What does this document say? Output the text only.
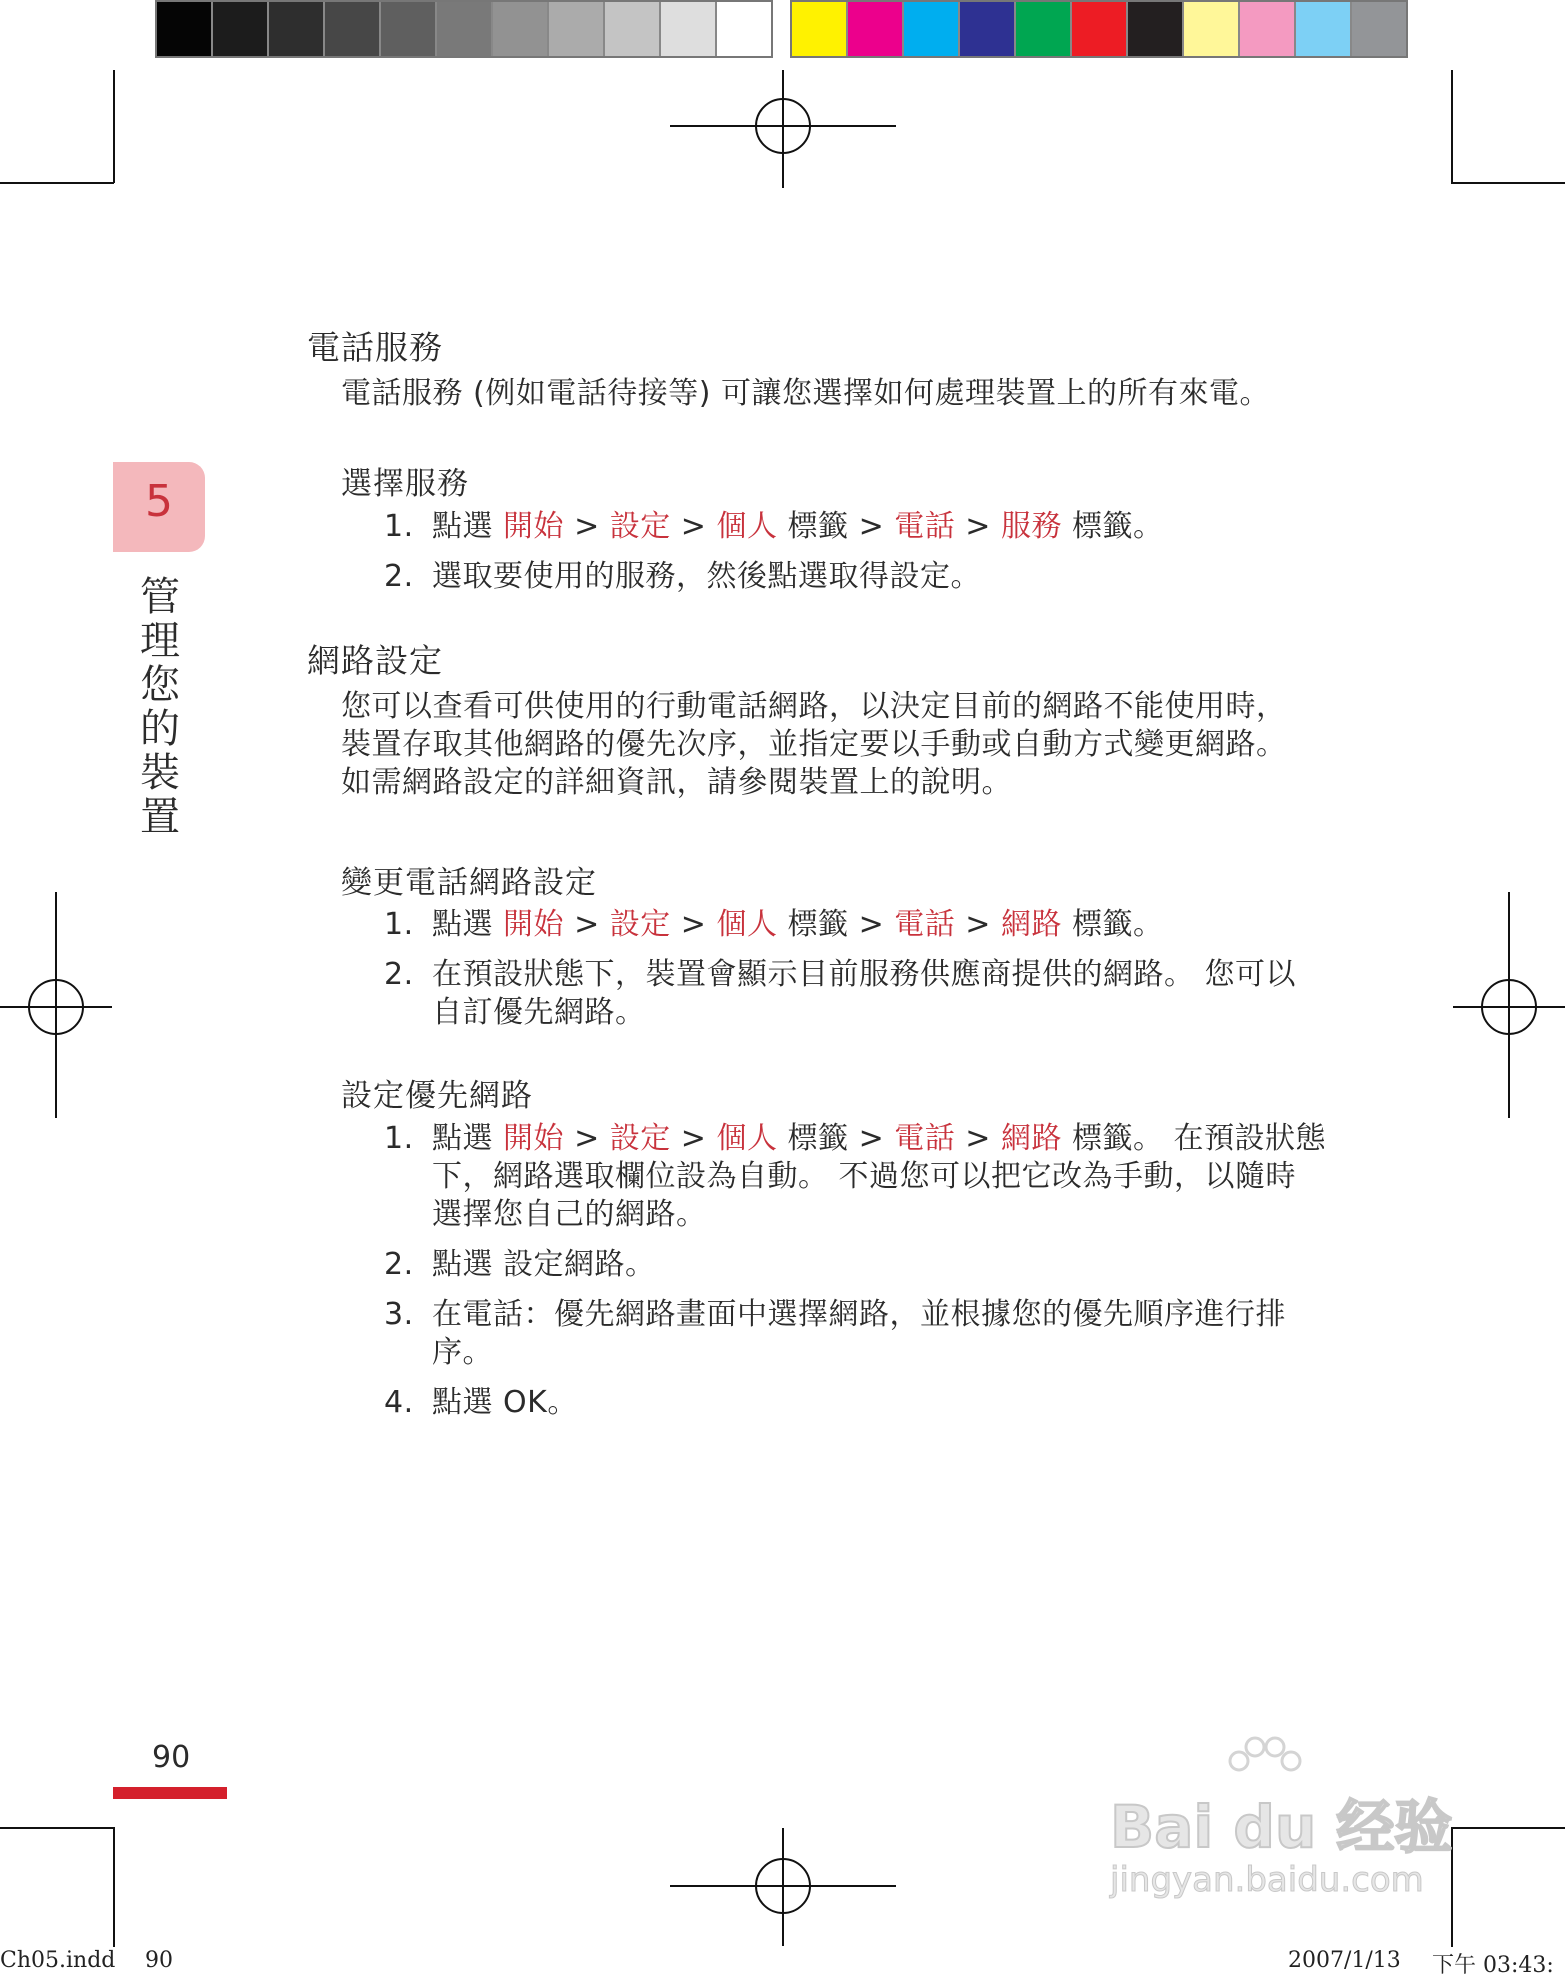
5
管
理
您
的
裝
置
電話服務
電話服務 (例如電話待接等) 可讓您選擇如何處理裝置上的所有來電。
選擇服務
1. 點選 開始 > 設定 > 個人 標籤 > 電話 > 服務 標籤。
2. 選取要使用的服務，然後點選取得設定。
網路設定
您可以查看可供使用的行動電話網路，以決定目前的網路不能使用時，
裝置存取其他網路的優先次序，並指定要以手動或自動方式變更網路。
如需網路設定的詳細資訊，請參閱裝置上的說明。
變更電話網路設定
1. 點選 開始 > 設定 > 個人 標籤 > 電話 > 網路 標籤。
2. 在預設狀態下，裝置會顯示目前服務供應商提供的網路。 您可以
自訂優先網路。
設定優先網路
1. 點選 開始 > 設定 > 個人 標籤 > 電話 > 網路 標籤。 在預設狀態
下，網路選取欄位設為自動。 不過您可以把它改為手動，以隨時
選擇您自己的網路。
2. 點選 設定網路。
3. 在電話：優先網路畫面中選擇網路，並根據您的優先順序進行排
序。
4. 點選 OK。
90
Ch05.indd 90	2007/1/13 下午 03:43:
Bai du 经验
jingyan.baidu.com
